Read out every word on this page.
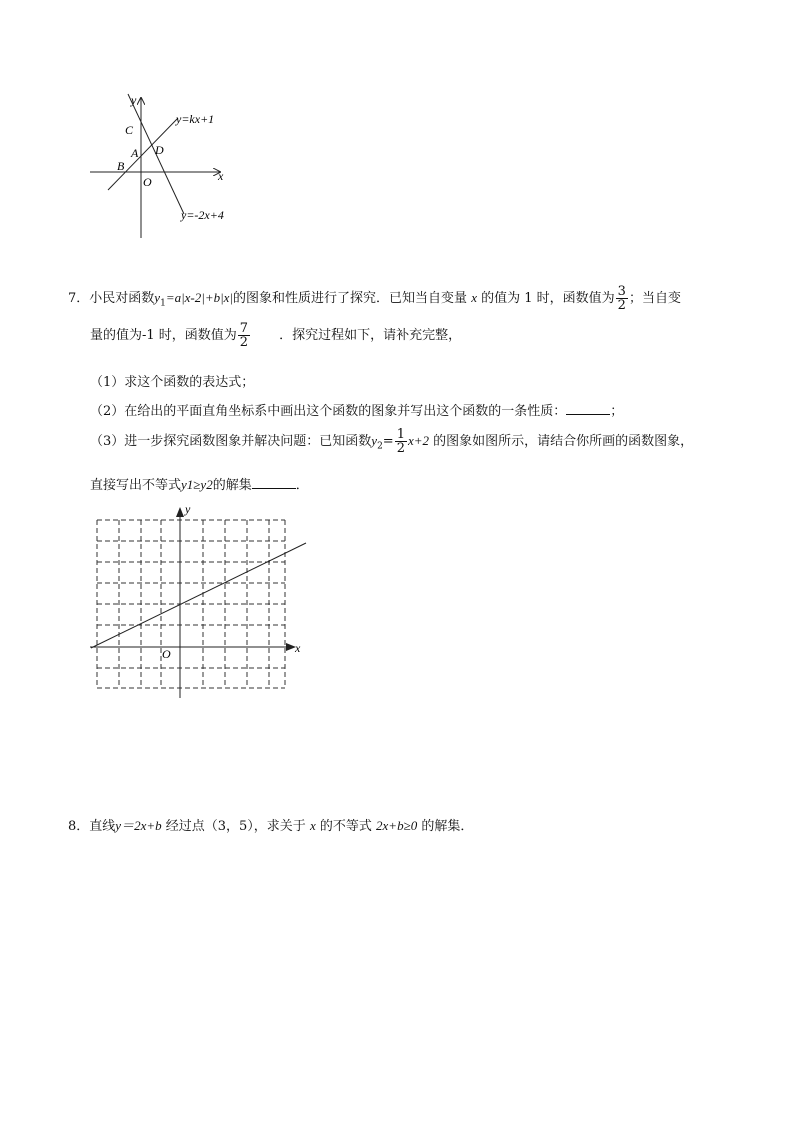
y
x
O
C
A D
B
y=kx+1
y=-2x+4
7．小民对函数$y_1=a|x-2|+b|x|$的图象和性质进行了探究．已知当自变量 x 的值为 1 时，函数值为 $\frac{3}{2}$ ；当自变
量的值为-1 时，函数值为 $\frac{7}{2}$ ．探究过程如下，请补充完整，
（1）求这个函数的表达式；
（2）在给出的平面直角坐标系中画出这个函数的图象并写出这个函数的一条性质：	；
（3）进一步探究函数图象并解决问题：已知函数$y_2= \frac{1}{2} x+2$ 的图象如图所示，请结合你所画的函数图象，
直接写出不等式y1≥y2的解集	．
y
x
O
8．直线y＝2x+b 经过点（3，5），求关于 x 的不等式 2x+b≥0 的解集．
